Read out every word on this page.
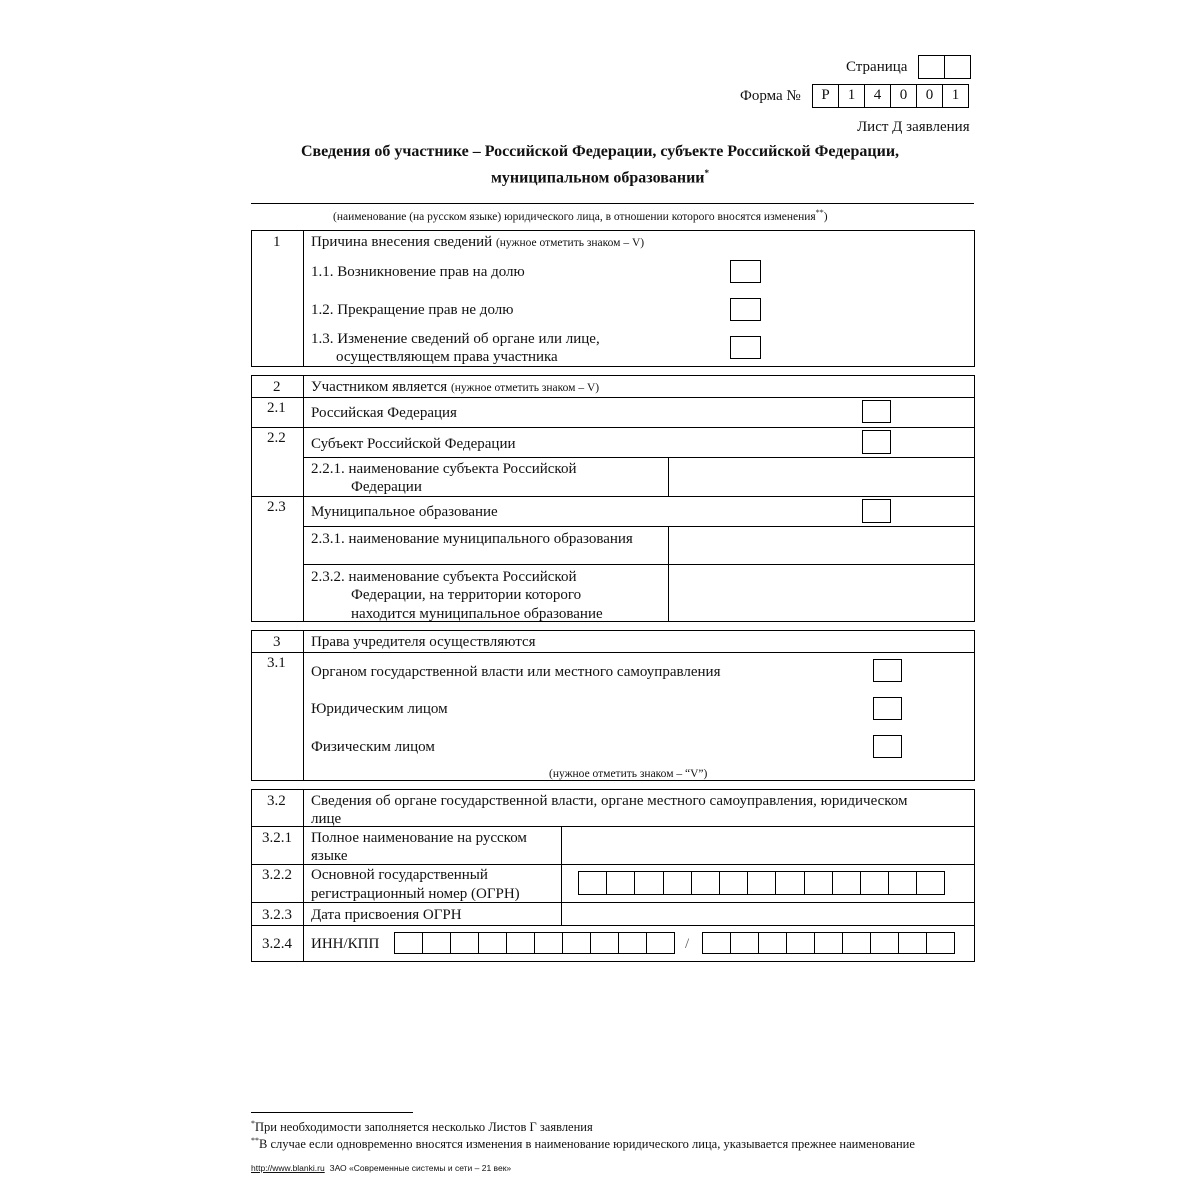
Страница
Форма №	Р	1	4	0	0	1
Лист Д заявления
Сведения об участнике – Российской Федерации, субъекте Российской Федерации,
муниципальном образовании*
(наименование (на русском языке) юридического лица, в отношении которого вносятся изменения**)
1 Причина внесения сведений (нужное отметить знаком – V)
1.1. Возникновение прав на долю
1.2. Прекращение прав не долю
1.3. Изменение сведений об органе или лице,
осуществляющем права участника
2 Участником является (нужное отметить знаком – V)
2.1 Российская Федерация
2.2 Субъект Российской Федерации
2.2.1. наименование субъекта Российской
Федерации
2.3 Муниципальное образование
2.3.1. наименование муниципального образования
2.3.2. наименование субъекта Российской
Федерации, на территории которого
находится муниципальное образование
3 Права учредителя осуществляются
3.1
Органом государственной власти или местного самоуправления
Юридическим лицом
Физическим лицом
(нужное отметить знаком – “V”)
3.2 Сведения об органе государственной власти, органе местного самоуправления, юридическом
лице
3.2.1 Полное наименование на русском
языке
3.2.2 Основной государственный
регистрационный номер (ОГРН)
3.2.3 Дата присвоения ОГРН
3.2.4 ИНН/КПП	/
*При необходимости заполняется несколько Листов Г заявления
**В случае если одновременно вносятся изменения в наименование юридического лица, указывается прежнее наименование
http://www.blanki.ru ЗАО «Современные системы и сети – 21 век»
